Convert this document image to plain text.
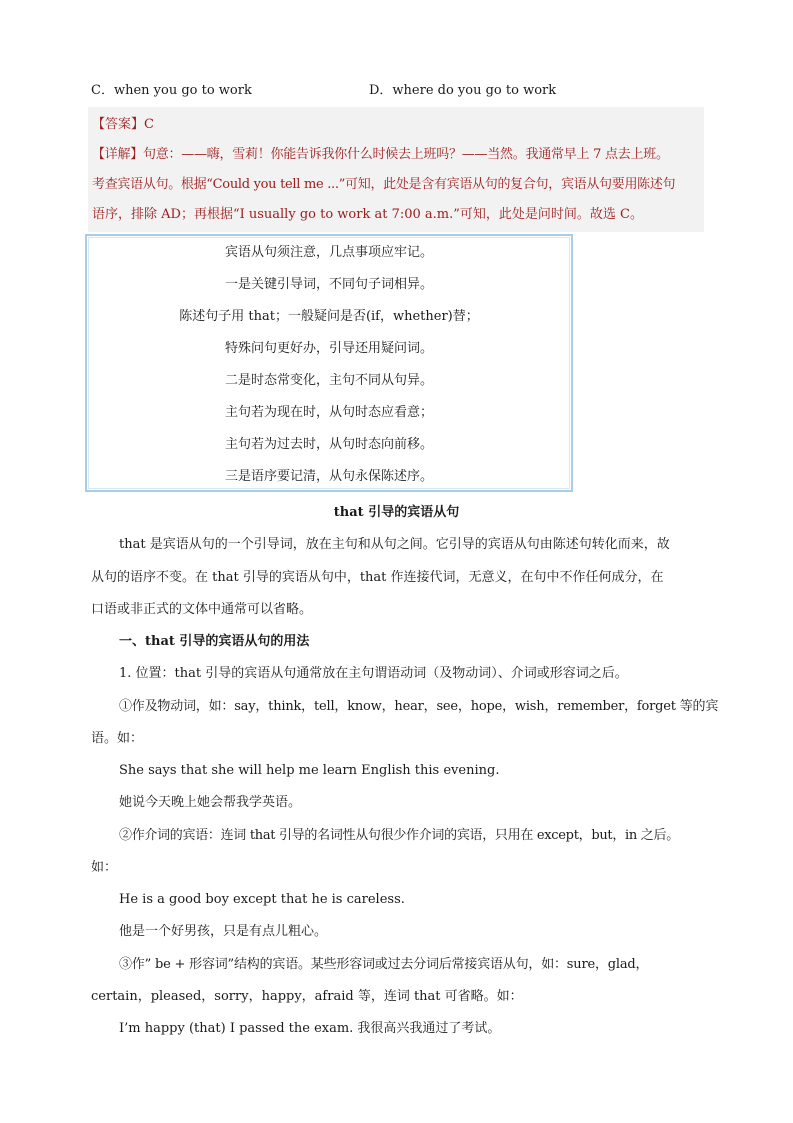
C．when you go to work	D．where do you go to work
【答案】C
【详解】句意：——嗨，雪莉！你能告诉我你什么时候去上班吗？——当然。我通常早上 7 点去上班。
考查宾语从句。根据“Could you tell me ...”可知，此处是含有宾语从句的复合句，宾语从句要用陈述句
语序，排除 AD；再根据“I usually go to work at 7:00 a.m.”可知，此处是问时间。故选 C。
宾语从句须注意，几点事项应牢记。
一是关键引导词，不同句子词相异。
陈述句子用 that；一般疑问是否(if，whether)替；
特殊问句更好办，引导还用疑问词。
二是时态常变化，主句不同从句异。
主句若为现在时，从句时态应看意；
主句若为过去时，从句时态向前移。
三是语序要记清，从句永保陈述序。
that 引导的宾语从句
that 是宾语从句的一个引导词，放在主句和从句之间。它引导的宾语从句由陈述句转化而来，故
从句的语序不变。在 that 引导的宾语从句中，that 作连接代词，无意义，在句中不作任何成分，在
口语或非正式的文体中通常可以省略。
一、that 引导的宾语从句的用法
1. 位置：that 引导的宾语从句通常放在主句谓语动词（及物动词）、介词或形容词之后。
①作及物动词，如：say，think，tell，know，hear，see，hope，wish，remember，forget 等的宾
语。如：
She says that she will help me learn English this evening.
她说今天晚上她会帮我学英语。
②作介词的宾语：连词 that 引导的名词性从句很少作介词的宾语，只用在 except，but，in 之后。
如：
He is a good boy except that he is careless.
他是一个好男孩，只是有点儿粗心。
③作” be + 形容词”结构的宾语。某些形容词或过去分词后常接宾语从句，如：sure，glad，
certain，pleased，sorry，happy，afraid 等，连词 that 可省略。如：
I’m happy (that) I passed the exam. 我很高兴我通过了考试。
